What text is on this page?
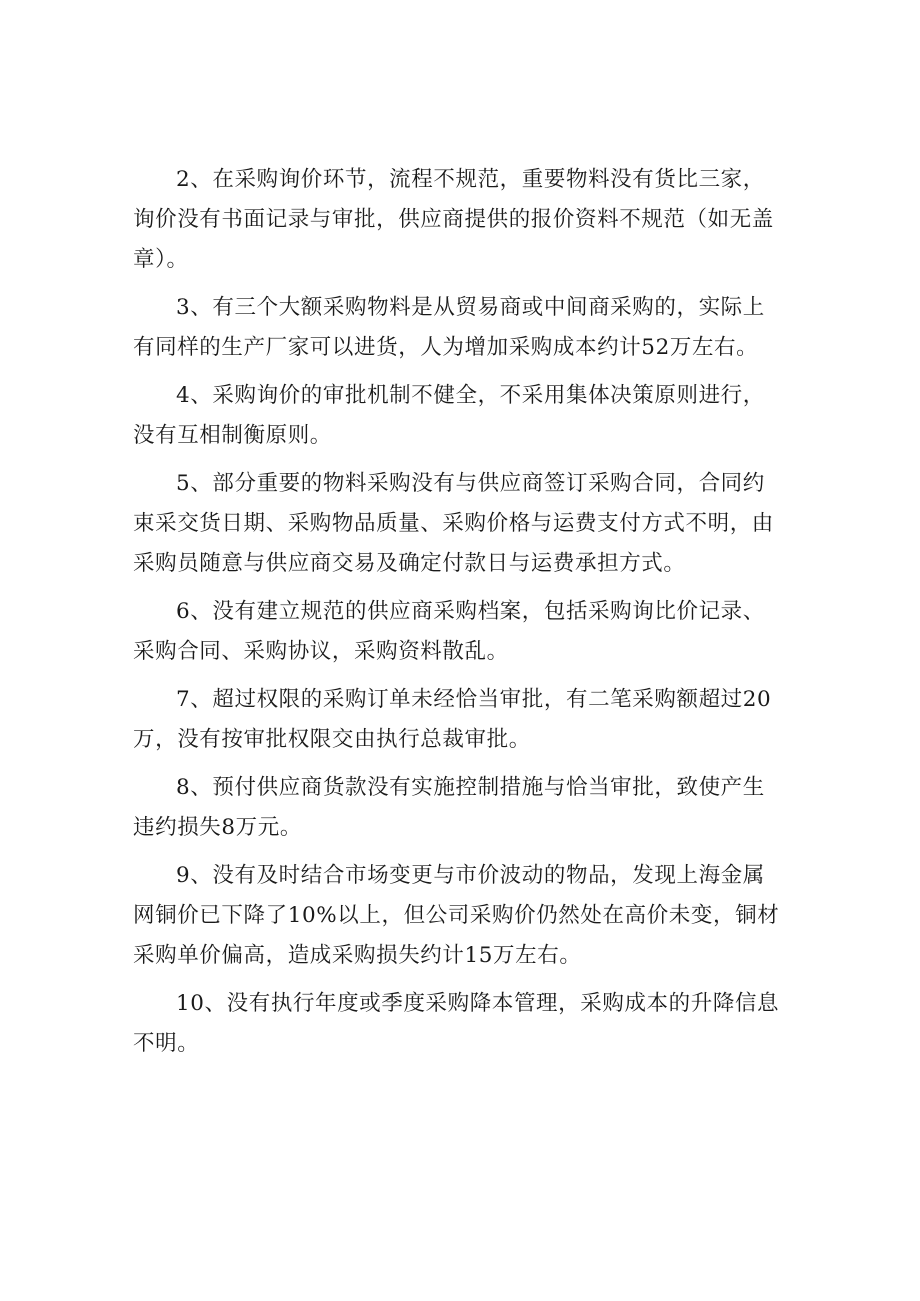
2、在采购询价环节，流程不规范，重要物料没有货比三家，
询价没有书面记录与审批，供应商提供的报价资料不规范（如无盖
章）。

3、有三个大额采购物料是从贸易商或中间商采购的，实际上
有同样的生产厂家可以进货，人为增加采购成本约计52万左右。

4、采购询价的审批机制不健全，不采用集体决策原则进行，
没有互相制衡原则。

5、部分重要的物料采购没有与供应商签订采购合同，合同约
束采交货日期、采购物品质量、采购价格与运费支付方式不明，由
采购员随意与供应商交易及确定付款日与运费承担方式。

6、没有建立规范的供应商采购档案，包括采购询比价记录、
采购合同、采购协议，采购资料散乱。

7、超过权限的采购订单未经恰当审批，有二笔采购额超过20
万，没有按审批权限交由执行总裁审批。

8、预付供应商货款没有实施控制措施与恰当审批，致使产生
违约损失8万元。

9、没有及时结合市场变更与市价波动的物品，发现上海金属
网铜价已下降了10%以上，但公司采购价仍然处在高价未变，铜材
采购单价偏高，造成采购损失约计15万左右。

10、没有执行年度或季度采购降本管理，采购成本的升降信息
不明。
